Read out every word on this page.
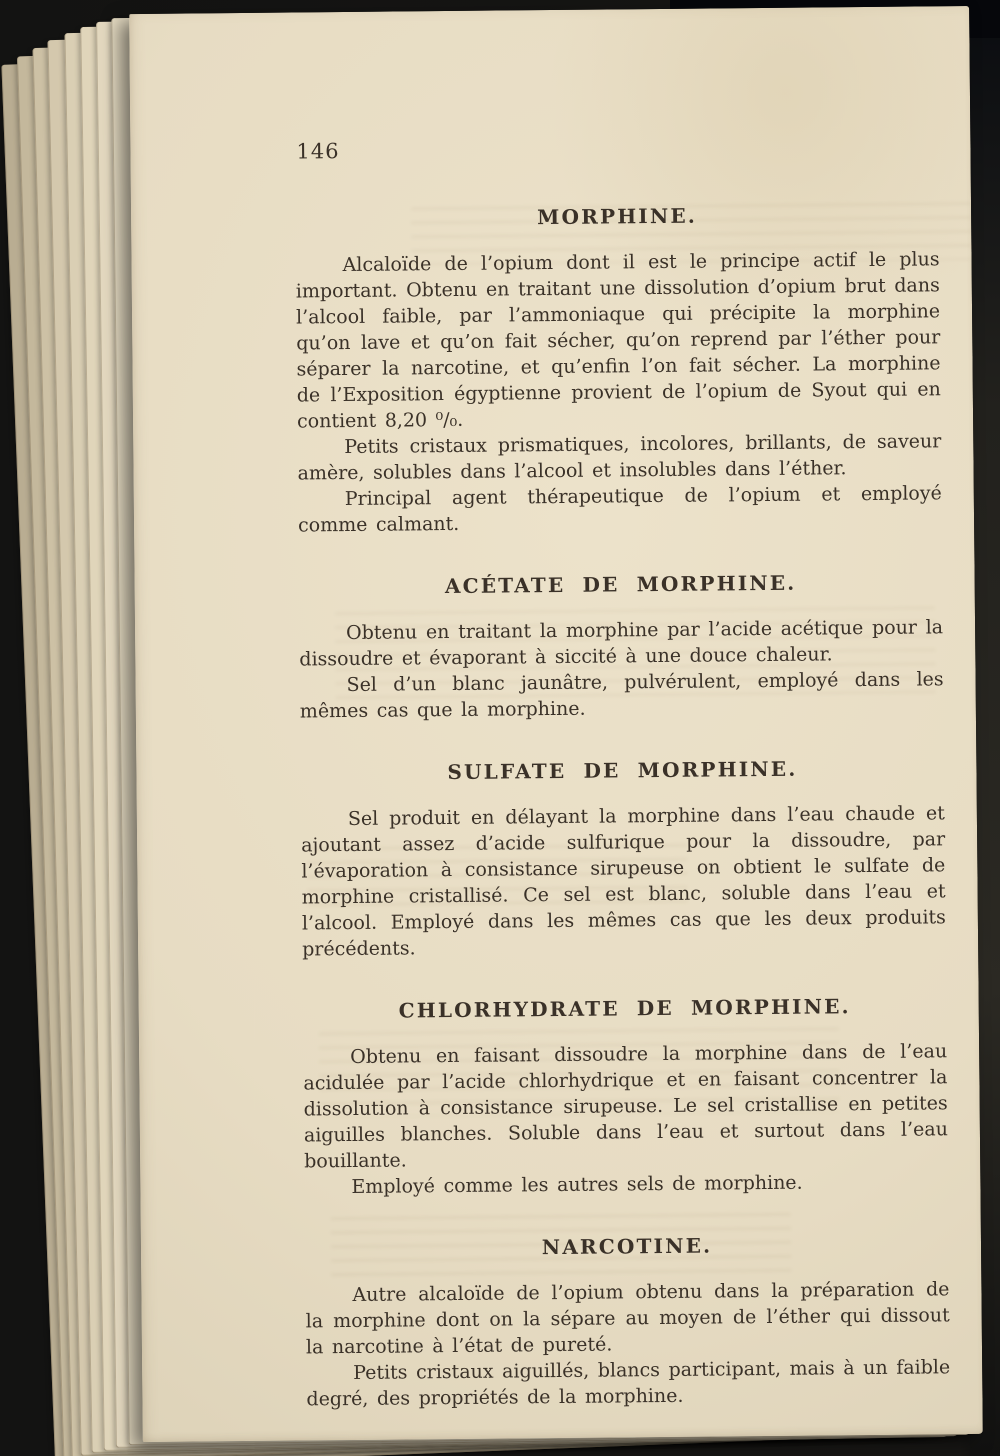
146
MORPHINE.

Alcaloïde de l’opium dont il est le principe actif le plus important. Obtenu en traitant une dissolution d’opium brut dans l’alcool faible, par l’ammoniaque qui précipite la morphine qu’on lave et qu’on fait sécher, qu’on reprend par l’éther pour séparer la narcotine, et qu’enfin l’on fait sécher. La morphine de l’Exposition égyptienne provient de l’opium de Syout qui en contient 8,20 ⁰/₀.

Petits cristaux prismatiques, incolores, brillants, de saveur amère, solubles dans l’alcool et insolubles dans l’éther.

Principal agent thérapeutique de l’opium et employé comme calmant.

ACÉTATE DE MORPHINE.

Obtenu en traitant la morphine par l’acide acétique pour la dissoudre et évaporant à siccité à une douce chaleur.

Sel d’un blanc jaunâtre, pulvérulent, employé dans les mêmes cas que la morphine.

SULFATE DE MORPHINE.

Sel produit en délayant la morphine dans l’eau chaude et ajoutant assez d’acide sulfurique pour la dissoudre, par l’évaporation à consistance sirupeuse on obtient le sulfate de morphine cristallisé. Ce sel est blanc, soluble dans l’eau et l’alcool. Employé dans les mêmes cas que les deux produits précédents.

CHLORHYDRATE DE MORPHINE.

Obtenu en faisant dissoudre la morphine dans de l’eau acidulée par l’acide chlorhydrique et en faisant concentrer la dissolution à consistance sirupeuse. Le sel cristallise en petites aiguilles blanches. Soluble dans l’eau et surtout dans l’eau bouillante.

Employé comme les autres sels de morphine.

NARCOTINE.

Autre alcaloïde de l’opium obtenu dans la préparation de la morphine dont on la sépare au moyen de l’éther qui dissout la narcotine à l’état de pureté.

Petits cristaux aiguillés, blancs participant, mais à un faible degré, des propriétés de la morphine.
